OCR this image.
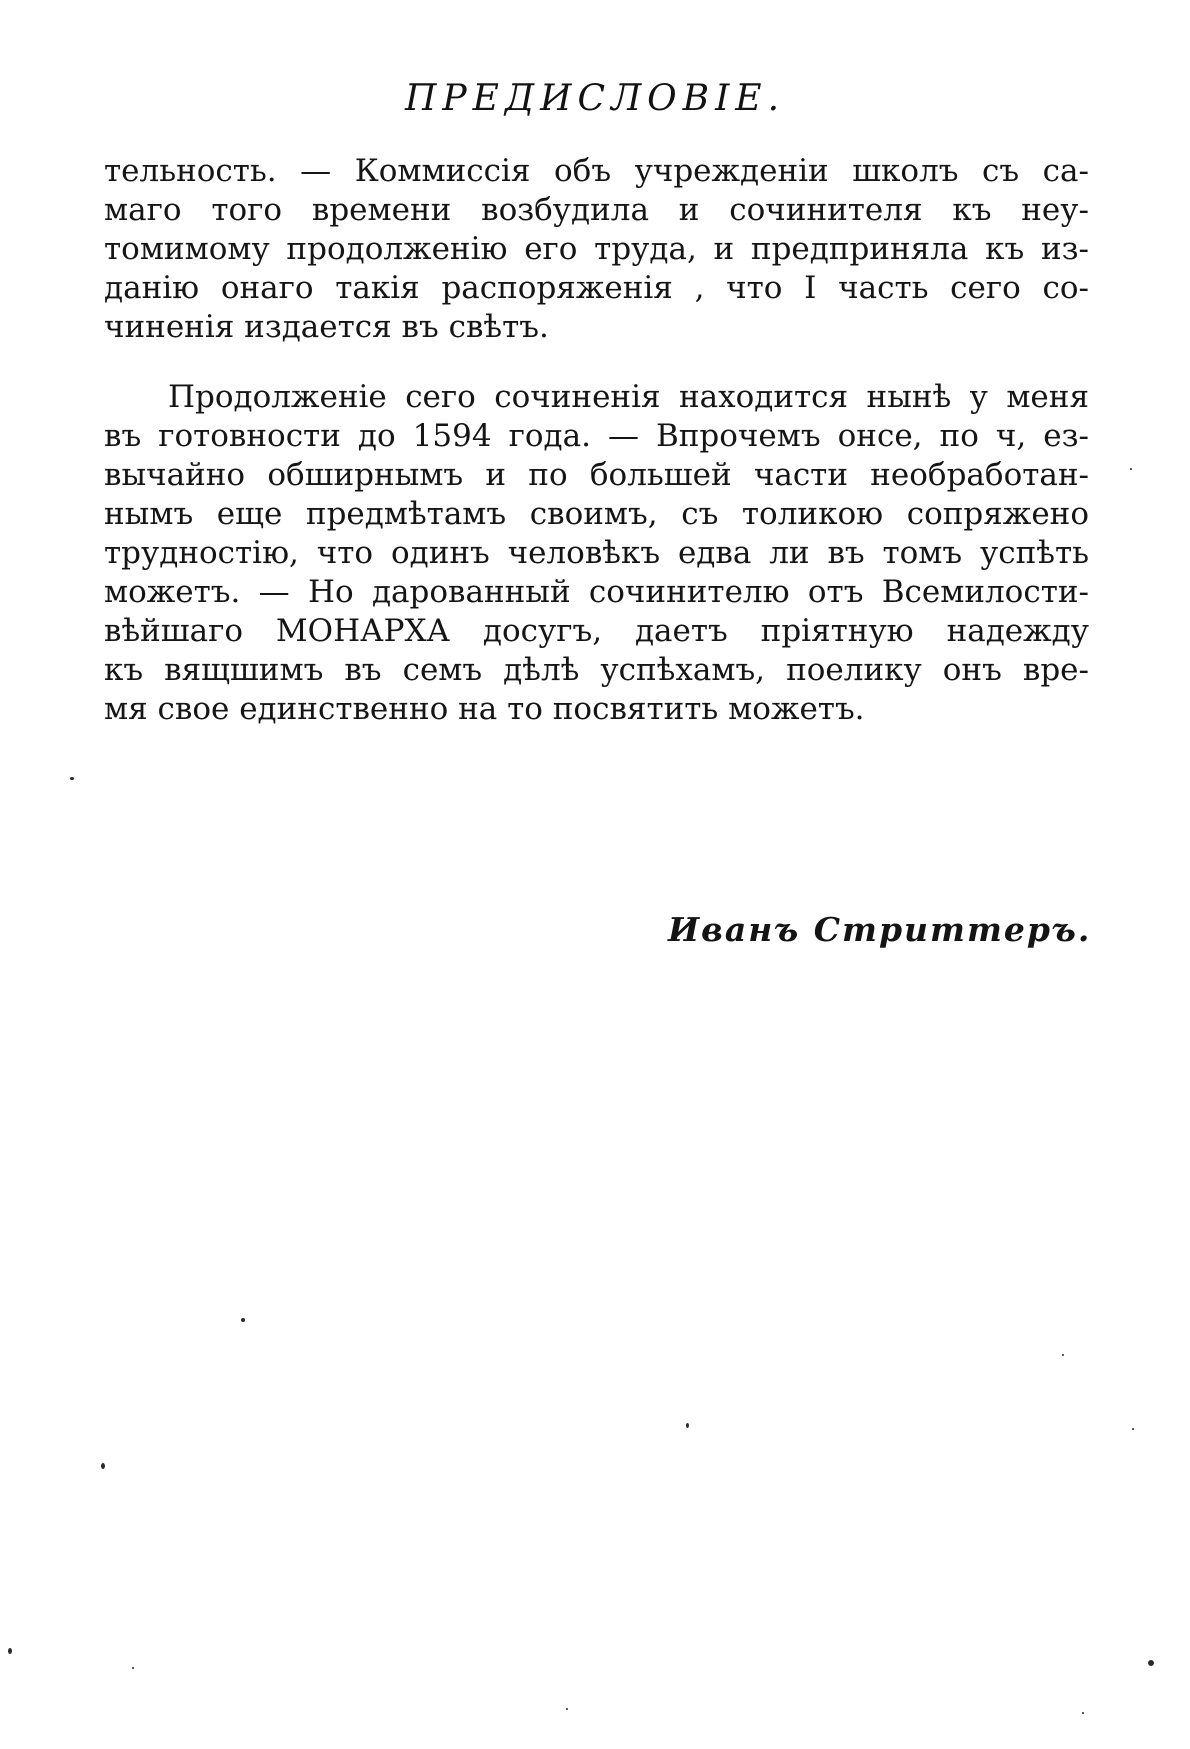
ПРЕДИСЛОВІЕ.
тельность. — Коммиссія объ учрежденіи школъ съ са-
маго того времени возбудила и сочинителя къ неу-
томимому продолженію его труда, и предприняла къ из-
данію онаго такія распоряженія , что I часть сего со-
чиненія издается въ свѣтъ.
Продолженіе сего сочиненія находится нынѣ у меня
въ готовности до 1594 года. — Впрочемъ онсе, по ч, ез-
вычайно обширнымъ и по большей части необработан-
нымъ еще предмѣтамъ своимъ, съ толикою сопряжено
трудностію, что одинъ человѣкъ едва ли въ томъ успѣть
можетъ. — Но дарованный сочинителю отъ Всемилости-
вѣйшаго МОНАРХА досугъ, даетъ пріятную надежду
къ вящшимъ въ семъ дѣлѣ успѣхамъ, поелику онъ вре-
мя свое единственно на то посвятить можетъ.
Иванъ Стриттеръ.
